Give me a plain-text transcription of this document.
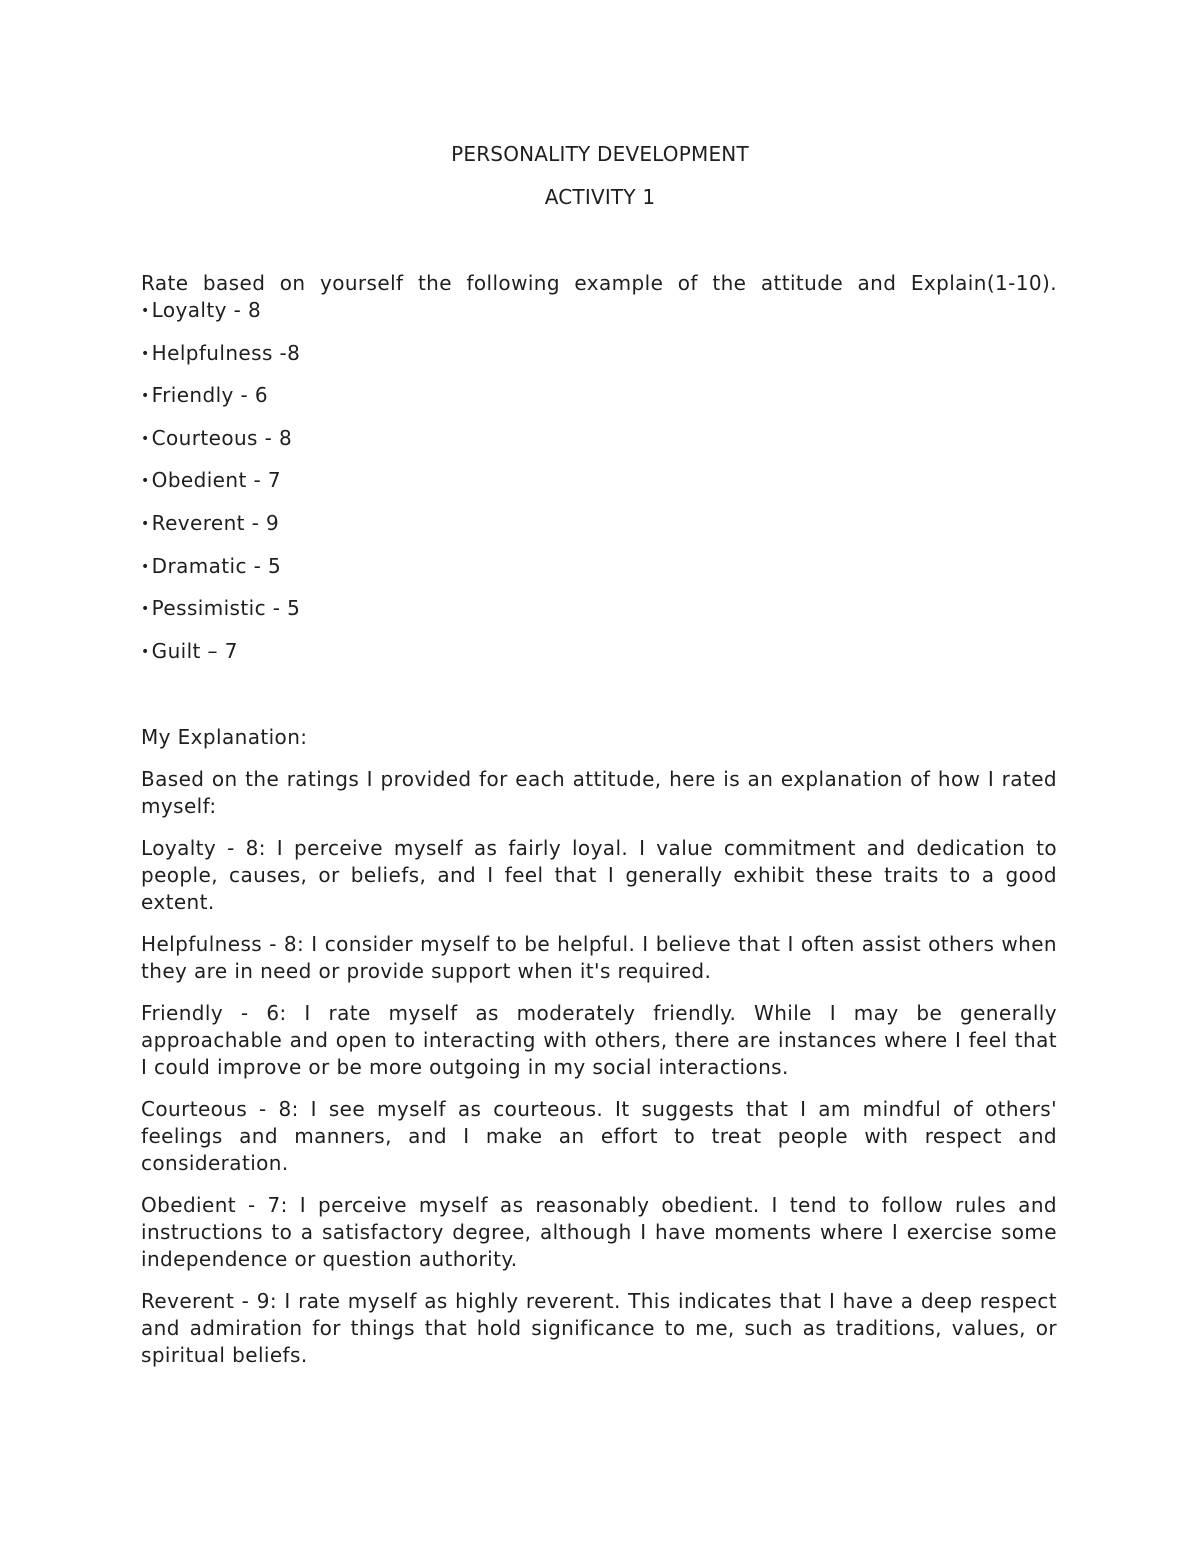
PERSONALITY DEVELOPMENT
ACTIVITY 1
Rate based on yourself the following example of the attitude and Explain(1-10).
• Loyalty - 8
• Helpfulness -8
• Friendly - 6
• Courteous - 8
• Obedient - 7
• Reverent - 9
• Dramatic - 5
• Pessimistic - 5
• Guilt – 7

My Explanation:

Based on the ratings I provided for each attitude, here is an explanation of how I rated myself:

Loyalty - 8: I perceive myself as fairly loyal. I value commitment and dedication to people, causes, or beliefs, and I feel that I generally exhibit these traits to a good extent.

Helpfulness - 8: I consider myself to be helpful. I believe that I often assist others when they are in need or provide support when it's required.

Friendly - 6: I rate myself as moderately friendly. While I may be generally approachable and open to interacting with others, there are instances where I feel that I could improve or be more outgoing in my social interactions.

Courteous - 8: I see myself as courteous. It suggests that I am mindful of others' feelings and manners, and I make an effort to treat people with respect and consideration.

Obedient - 7: I perceive myself as reasonably obedient. I tend to follow rules and instructions to a satisfactory degree, although I have moments where I exercise some independence or question authority.

Reverent - 9: I rate myself as highly reverent. This indicates that I have a deep respect and admiration for things that hold significance to me, such as traditions, values, or spiritual beliefs.
